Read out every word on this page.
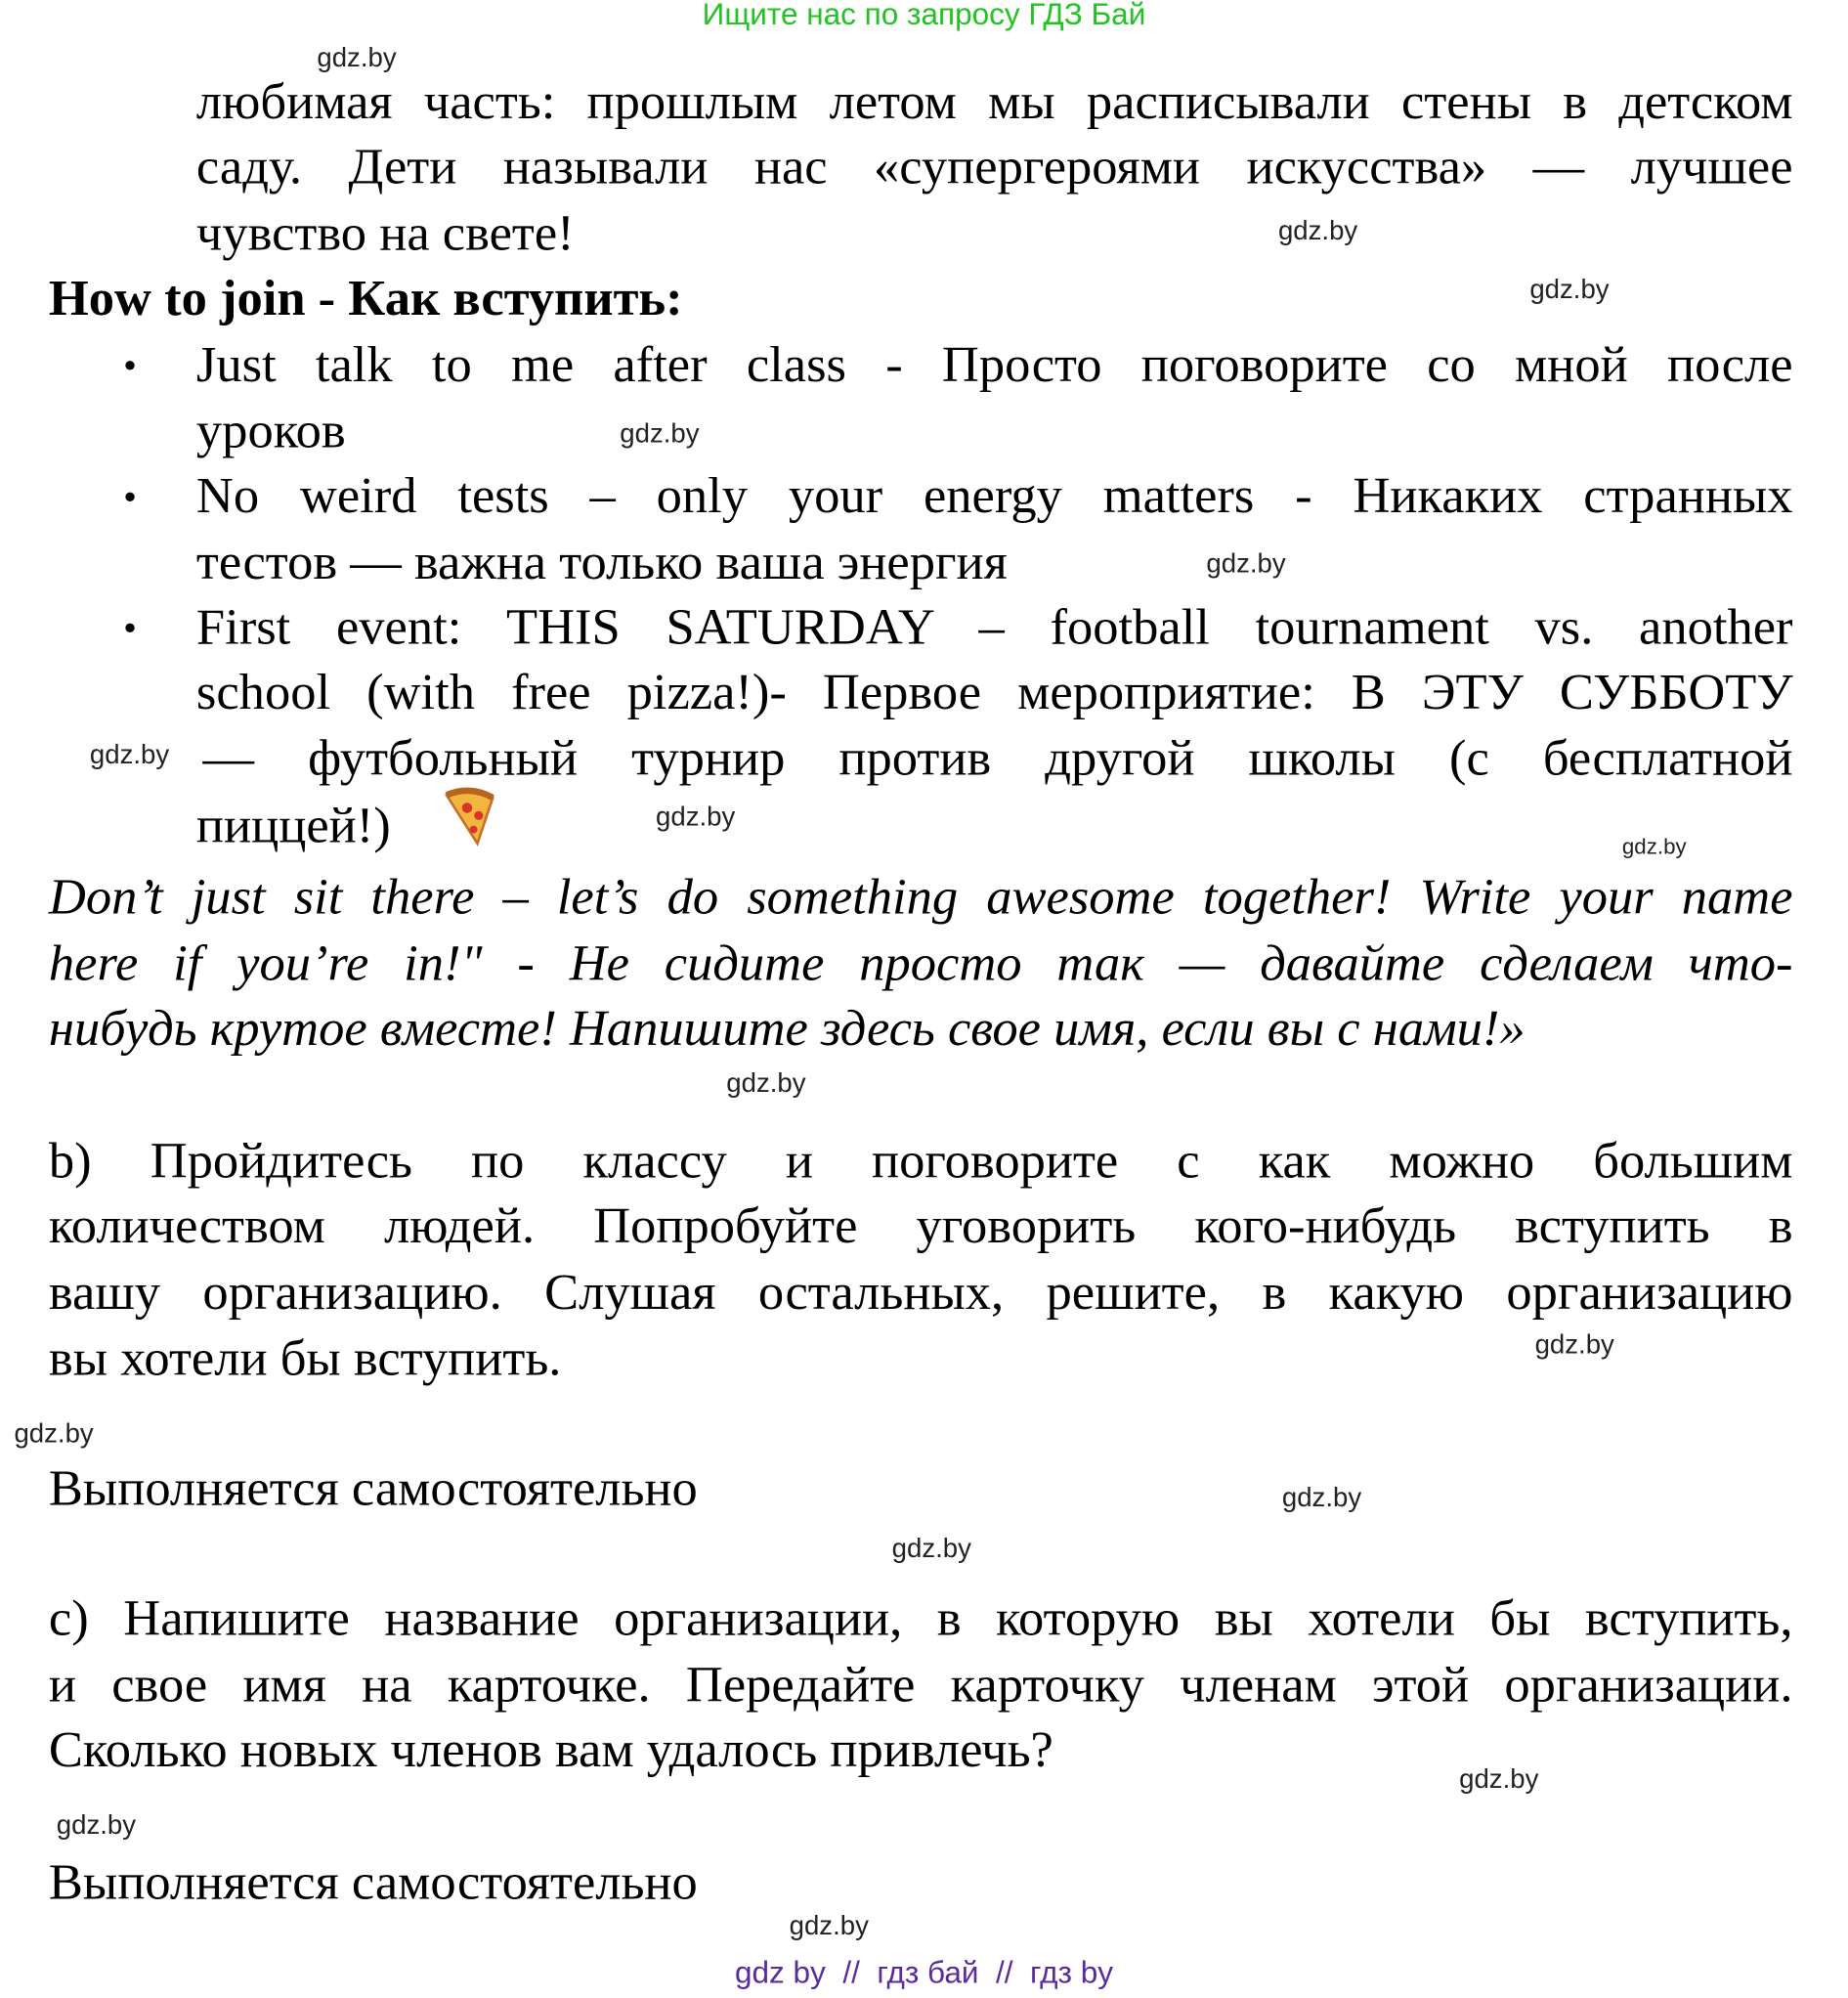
Ищите нас по запросу ГДЗ Бай
любимая часть: прошлым летом мы расписывали стены в детском
саду. Дети называли нас «супергероями искусства» — лучшее
чувство на свете!
How to join - Как вступить:
• Just talk to me after class - Просто поговорите со мной после
уроков
• No weird tests – only your energy matters - Никаких странных
тестов — важна только ваша энергия
• First event: THIS SATURDAY – football tournament vs. another
school (with free pizza!)- Первое мероприятие: В ЭТУ СУББОТУ
— футбольный турнир против другой школы (с бесплатной
пиццей!)
Don’t just sit there – let’s do something awesome together! Write your name
here if you’re in!" - Не сидите просто так — давайте сделаем что-
нибудь крутое вместе! Напишите здесь свое имя, если вы с нами!»
b) Пройдитесь по классу и поговорите с как можно большим
количеством людей. Попробуйте уговорить кого-нибудь вступить в
вашу организацию. Слушая остальных, решите, в какую организацию
вы хотели бы вступить.
Выполняется самостоятельно
c) Напишите название организации, в которую вы хотели бы вступить,
и свое имя на карточке. Передайте карточку членам этой организации.
Сколько новых членов вам удалось привлечь?
Выполняется самостоятельно
gdz.by
gdz.by
gdz.by
gdz.by
gdz.by
gdz.by
gdz.by
gdz.by
gdz.by
gdz.by
gdz.by
gdz.by
gdz.by
gdz.by
gdz.by
gdz.by
gdz by  //  гдз бай  //  гдз by
